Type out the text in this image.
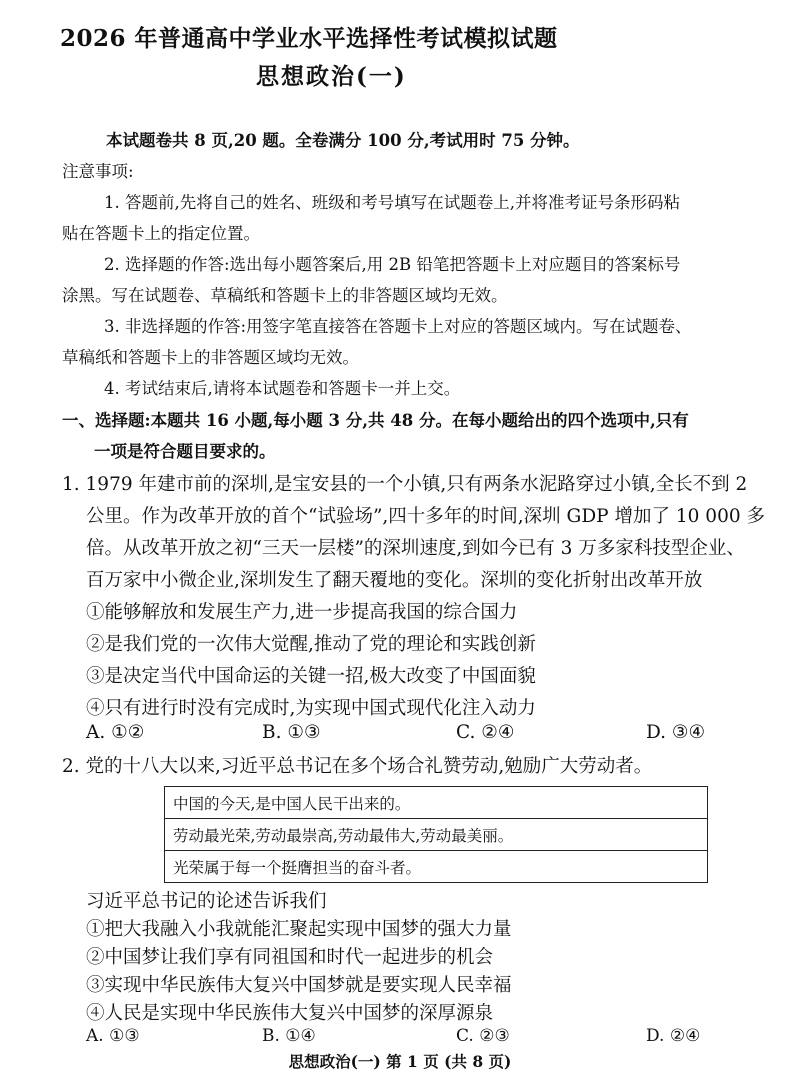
2026 年普通高中学业水平选择性考试模拟试题
思想政治(一)
本试题卷共 8 页,20 题。全卷满分 100 分,考试用时 75 分钟。
注意事项:
1. 答题前,先将自己的姓名、班级和考号填写在试题卷上,并将准考证号条形码粘
贴在答题卡上的指定位置。
2. 选择题的作答:选出每小题答案后,用 2B 铅笔把答题卡上对应题目的答案标号
涂黑。写在试题卷、草稿纸和答题卡上的非答题区域均无效。
3. 非选择题的作答:用签字笔直接答在答题卡上对应的答题区域内。写在试题卷、
草稿纸和答题卡上的非答题区域均无效。
4. 考试结束后,请将本试题卷和答题卡一并上交。
一、选择题:本题共 16 小题,每小题 3 分,共 48 分。在每小题给出的四个选项中,只有
一项是符合题目要求的。
1. 1979 年建市前的深圳,是宝安县的一个小镇,只有两条水泥路穿过小镇,全长不到 2
公里。作为改革开放的首个“试验场”,四十多年的时间,深圳 GDP 增加了 10 000 多
倍。从改革开放之初“三天一层楼”的深圳速度,到如今已有 3 万多家科技型企业、
百万家中小微企业,深圳发生了翻天覆地的变化。深圳的变化折射出改革开放
①能够解放和发展生产力,进一步提高我国的综合国力
②是我们党的一次伟大觉醒,推动了党的理论和实践创新
③是决定当代中国命运的关键一招,极大改变了中国面貌
④只有进行时没有完成时,为实现中国式现代化注入动力
A. ①②	B. ①③	C. ②④	D. ③④
2. 党的十八大以来,习近平总书记在多个场合礼赞劳动,勉励广大劳动者。
中国的今天,是中国人民干出来的。
劳动最光荣,劳动最崇高,劳动最伟大,劳动最美丽。
光荣属于每一个挺膺担当的奋斗者。
习近平总书记的论述告诉我们
①把大我融入小我就能汇聚起实现中国梦的强大力量
②中国梦让我们享有同祖国和时代一起进步的机会
③实现中华民族伟大复兴中国梦就是要实现人民幸福
④人民是实现中华民族伟大复兴中国梦的深厚源泉
思想政治(一) 第 1 页 (共 8 页)
A. ①③	B. ①④	C. ②③	D. ②④
